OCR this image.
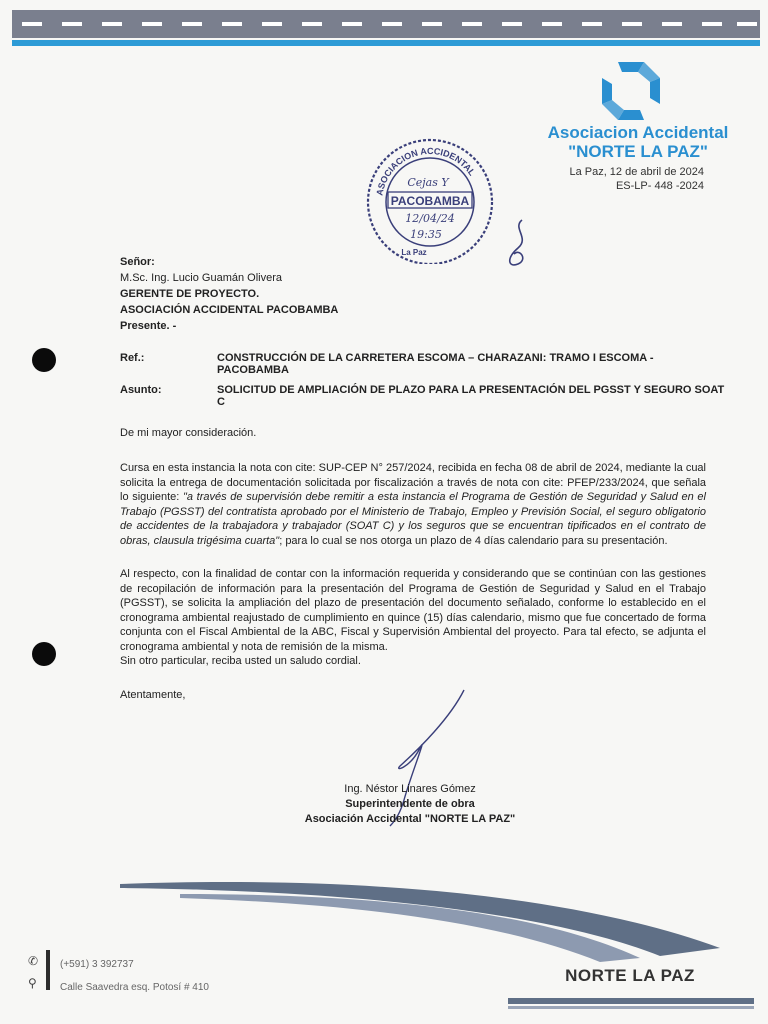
Asociacion Accidental
"NORTE LA PAZ"
La Paz, 12 de abril de 2024
ES-LP- 448 -2024
ASOCIACION ACCIDENTAL
PACOBAMBA
Cejas Y
12/04/24
19:35
La Paz
Señor:
M.Sc. Ing. Lucio Guamán Olivera
GERENTE DE PROYECTO.
ASOCIACIÓN ACCIDENTAL PACOBAMBA
Presente. -
Ref.:	CONSTRUCCIÓN DE LA CARRETERA ESCOMA – CHARAZANI: TRAMO I ESCOMA - PACOBAMBA
Asunto:	SOLICITUD DE AMPLIACIÓN DE PLAZO PARA LA PRESENTACIÓN DEL PGSST Y SEGURO SOAT C
De mi mayor consideración.
Cursa en esta instancia la nota con cite: SUP-CEP N° 257/2024, recibida en fecha 08 de abril de 2024, mediante la cual solicita la entrega de documentación solicitada por fiscalización a través de nota con cite: PFEP/233/2024, que señala lo siguiente: "a través de supervisión debe remitir a esta instancia el Programa de Gestión de Seguridad y Salud en el Trabajo (PGSST) del contratista aprobado por el Ministerio de Trabajo, Empleo y Previsión Social, el seguro obligatorio de accidentes de la trabajadora y trabajador (SOAT C) y los seguros que se encuentran tipificados en el contrato de obras, clausula trigésima cuarta"; para lo cual se nos otorga un plazo de 4 días calendario para su presentación.
Al respecto, con la finalidad de contar con la información requerida y considerando que se continúan con las gestiones de recopilación de información para la presentación del Programa de Gestión de Seguridad y Salud en el Trabajo (PGSST), se solicita la ampliación del plazo de presentación del documento señalado, conforme lo establecido en el cronograma ambiental reajustado de cumplimiento en quince (15) días calendario, mismo que fue concertado de forma conjunta con el Fiscal Ambiental de la ABC, Fiscal y Supervisión Ambiental del proyecto. Para tal efecto, se adjunta el cronograma ambiental y nota de remisión de la misma.
Sin otro particular, reciba usted un saludo cordial.
Atentamente,
Ing. Néstor Linares Gómez
Superintendente de obra
Asociación Accidental "NORTE LA PAZ"
✆
⚲
(+591) 3 392737
Calle Saavedra esq. Potosí # 410
NORTE LA PAZ
